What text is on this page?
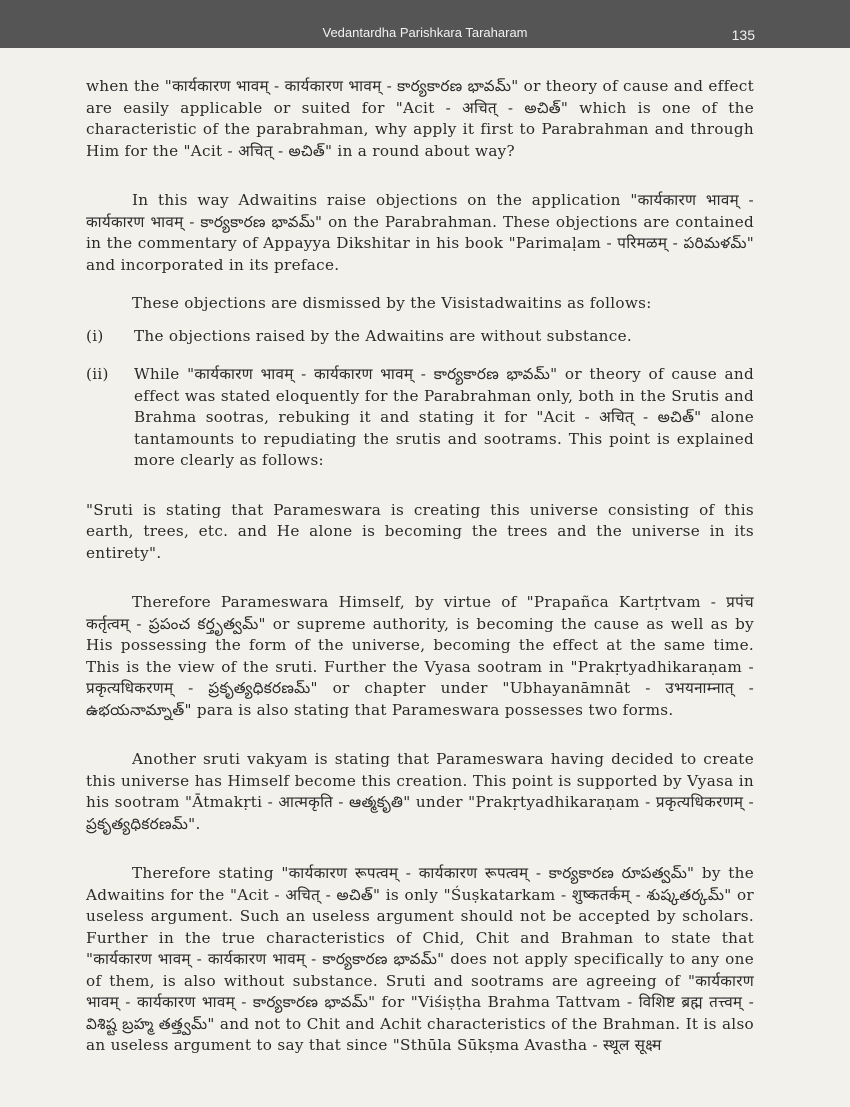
Vedantardha Parishkara Taraharam	135

when the "कार्यकारण भावम् - कार्यकारण भावम् - కార్యకారణ భావమ్" or theory of cause and effect are easily applicable or suited for "Acit - अचित् - అచిత్" which is one of the characteristic of the parabrahman, why apply it first to Parabrahman and through Him for the "Acit - अचित् - అచిత్" in a round about way?

In this way Adwaitins raise objections on the application "कार्यकारण भावम् - कार्यकारण भावम् - కార్యకారణ భావమ్" on the Parabrahman. These objections are contained in the commentary of Appayya Dikshitar in his book "Parimaḷam - परिमळम् - పరిమళమ్" and incorporated in its preface.

These objections are dismissed by the Visistadwaitins as follows:

(i) The objections raised by the Adwaitins are without substance.

(ii) While "कार्यकारण भावम् - कार्यकारण भावम् - కార్యకారణ భావమ్" or theory of cause and effect was stated eloquently for the Parabrahman only, both in the Srutis and Brahma sootras, rebuking it and stating it for "Acit - अचित् - అచిత్" alone tantamounts to repudiating the srutis and sootrams. This point is explained more clearly as follows:

"Sruti is stating that Parameswara is creating this universe consisting of this earth, trees, etc. and He alone is becoming the trees and the universe in its entirety".

Therefore Parameswara Himself, by virtue of "Prapañca Kartṛtvam - प्रपंच कर्तृत्वम् - ప్రపంచ కర్తృత్వమ్" or supreme authority, is becoming the cause as well as by His possessing the form of the universe, becoming the effect at the same time. This is the view of the sruti. Further the Vyasa sootram in "Prakṛtyadhikaraṇam - प्रकृत्यधिकरणम् - ప్రకృత్యధికరణమ్" or chapter under "Ubhayanāmnāt - उभयनाम्नात् - ఉభయనామ్నాత్" para is also stating that Parameswara possesses two forms.

Another sruti vakyam is stating that Parameswara having decided to create this universe has Himself become this creation. This point is supported by Vyasa in his sootram "Ātmakṛti - आत्मकृति - ఆత్మకృతి" under "Prakṛtyadhikaraṇam - प्रकृत्यधिकरणम् - ప్రకృత్యధికరణమ్".

Therefore stating "कार्यकारण रूपत्वम् - कार्यकारण रूपत्वम् - కార్యకారణ రూపత్వమ్" by the Adwaitins for the "Acit - अचित् - అచిత్" is only "Śuṣkatarkam - शुष्कतर्कम् - శుష్కతర్కమ్" or useless argument. Such an useless argument should not be accepted by scholars. Further in the true characteristics of Chid, Chit and Brahman to state that "कार्यकारण भावम् - कार्यकारण भावम् - కార్యకారణ భావమ్" does not apply specifically to any one of them, is also without substance. Sruti and sootrams are agreeing of "कार्यकारण भावम् - कार्यकारण भावम् - కార్యకారణ భావమ్" for "Viśiṣṭha Brahma Tattvam - विशिष्ट ब्रह्म तत्त्वम् - విశిష్ట బ్రహ్మ తత్త్వమ్" and not to Chit and Achit characteristics of the Brahman. It is also an useless argument to say that since "Sthūla Sūkṣma Avastha - स्थूल सूक्ष्म
